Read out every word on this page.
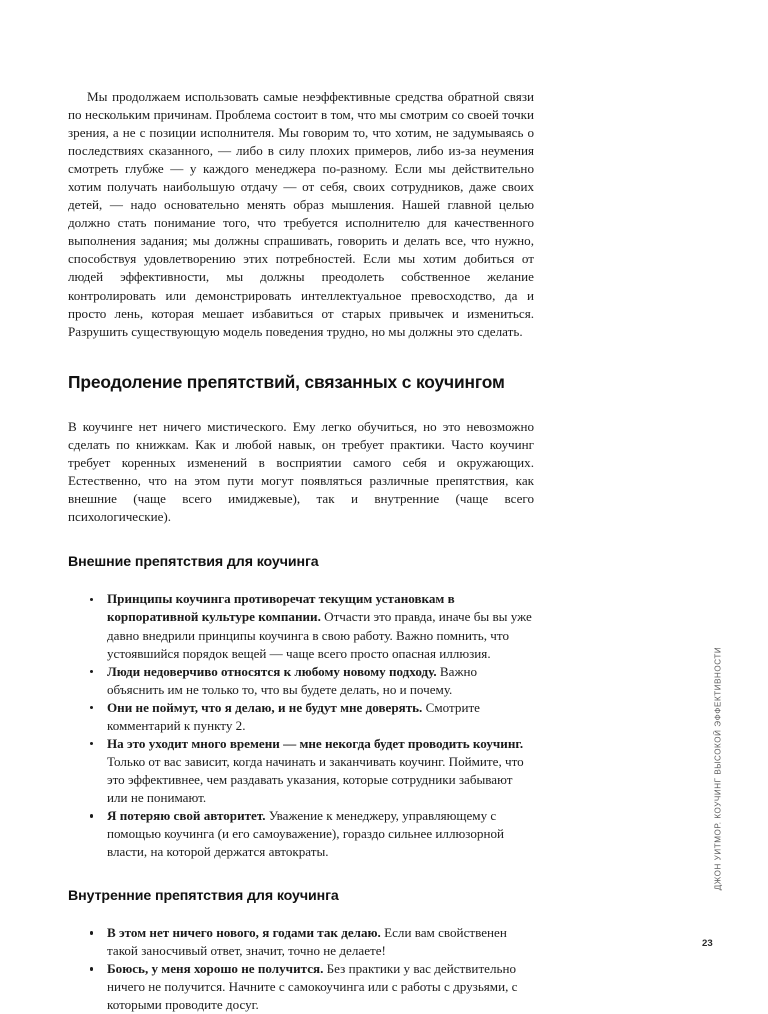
Мы продолжаем использовать самые неэффективные средства обратной связи по нескольким причинам. Проблема состоит в том, что мы смотрим со своей точки зрения, а не с позиции исполнителя. Мы говорим то, что хотим, не задумываясь о последствиях сказанного, — либо в силу плохих примеров, либо из-за неумения смотреть глубже — у каждого менеджера по-разному. Если мы действительно хотим получать наибольшую отдачу — от себя, своих сотрудников, даже своих детей, — надо основательно менять образ мышления. Нашей главной целью должно стать понимание того, что требуется исполнителю для качественного выполнения задания; мы должны спрашивать, говорить и делать все, что нужно, способствуя удовлетворению этих потребностей. Если мы хотим добиться от людей эффективности, мы должны преодолеть собственное желание контролировать или демонстрировать интеллектуальное превосходство, да и просто лень, которая мешает избавиться от старых привычек и измениться. Разрушить существующую модель поведения трудно, но мы должны это сделать.

Преодоление препятствий, связанных с коучингом

В коучинге нет ничего мистического. Ему легко обучиться, но это невозможно сделать по книжкам. Как и любой навык, он требует практики. Часто коучинг требует коренных изменений в восприятии самого себя и окружающих. Естественно, что на этом пути могут появляться различные препятствия, как внешние (чаще всего имиджевые), так и внутренние (чаще всего психологические).

Внешние препятствия для коучинга
Принципы коучинга противоречат текущим установкам в корпоративной культуре компании. Отчасти это правда, иначе бы вы уже давно внедрили принципы коучинга в свою работу. Важно помнить, что устоявшийся порядок вещей — чаще всего просто опасная иллюзия.
Люди недоверчиво относятся к любому новому подходу. Важно объяснить им не только то, что вы будете делать, но и почему.
Они не поймут, что я делаю, и не будут мне доверять. Смотрите комментарий к пункту 2.
На это уходит много времени — мне некогда будет проводить коучинг. Только от вас зависит, когда начинать и заканчивать коучинг. Поймите, что это эффективнее, чем раздавать указания, которые сотрудники забывают или не понимают.
Я потеряю свой авторитет. Уважение к менеджеру, управляющему с помощью коучинга (и его самоуважение), гораздо сильнее иллюзорной власти, на которой держатся автократы.
Внутренние препятствия для коучинга
В этом нет ничего нового, я годами так делаю. Если вам свойственен такой заносчивый ответ, значит, точно не делаете!
Боюсь, у меня хорошо не получится. Без практики у вас действительно ничего не получится. Начните с самокоучинга или с работы с друзьями, с которыми проводите досуг.
ДЖОН УИТМОР. КОУЧИНГ ВЫСОКОЙ ЭФФЕКТИВНОСТИ
23
